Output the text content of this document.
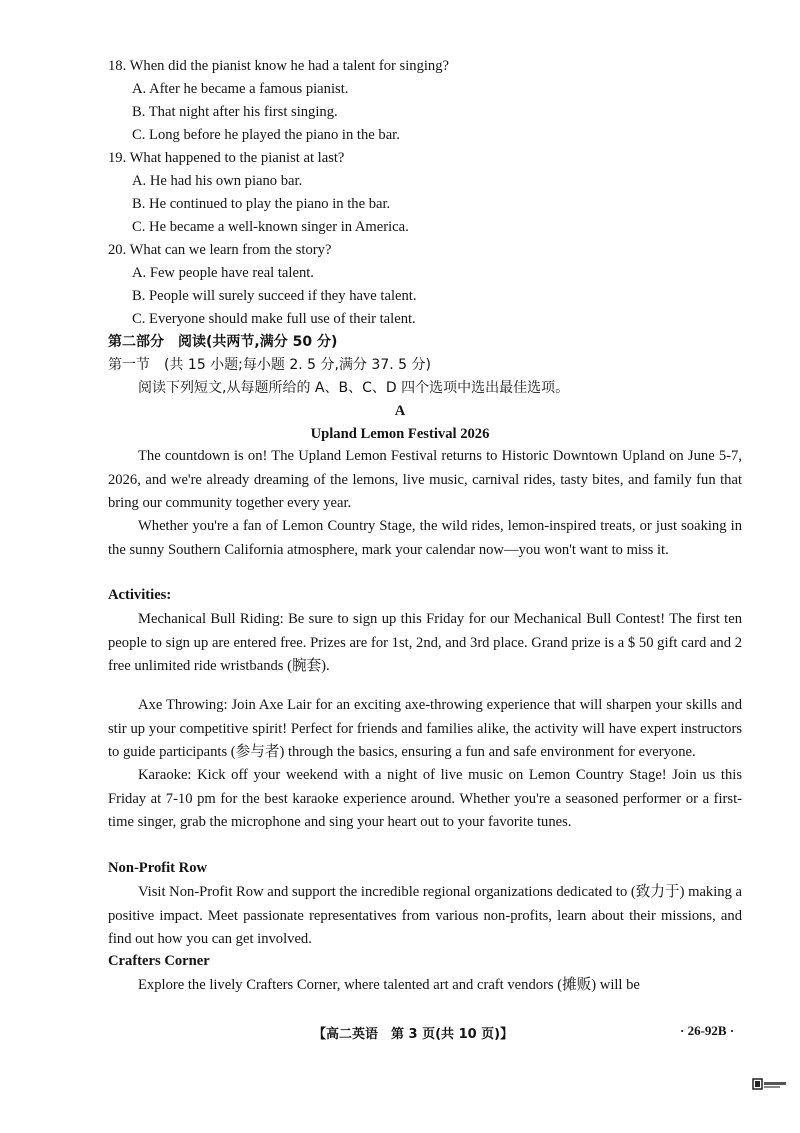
18. When did the pianist know he had a talent for singing?
A. After he became a famous pianist.
B. That night after his first singing.
C. Long before he played the piano in the bar.
19. What happened to the pianist at last?
A. He had his own piano bar.
B. He continued to play the piano in the bar.
C. He became a well-known singer in America.
20. What can we learn from the story?
A. Few people have real talent.
B. People will surely succeed if they have talent.
C. Everyone should make full use of their talent.
第二部分　阅读(共两节,满分 50 分)
第一节　(共 15 小题;每小题 2. 5 分,满分 37. 5 分)
阅读下列短文,从每题所给的 A、B、C、D 四个选项中选出最佳选项。
A
Upland Lemon Festival 2026
The countdown is on! The Upland Lemon Festival returns to Historic Downtown Upland on June 5-7, 2026, and we're already dreaming of the lemons, live music, carnival rides, tasty bites, and family fun that bring our community together every year.
Whether you're a fan of Lemon Country Stage, the wild rides, lemon-inspired treats, or just soaking in the sunny Southern California atmosphere, mark your calendar now—you won't want to miss it.
Activities:
Mechanical Bull Riding: Be sure to sign up this Friday for our Mechanical Bull Contest! The first ten people to sign up are entered free. Prizes are for 1st, 2nd, and 3rd place. Grand prize is a $ 50 gift card and 2 free unlimited ride wristbands (腕套).
Axe Throwing: Join Axe Lair for an exciting axe-throwing experience that will sharpen your skills and stir up your competitive spirit! Perfect for friends and families alike, the activity will have expert instructors to guide participants (参与者) through the basics, ensuring a fun and safe environment for everyone.
Karaoke: Kick off your weekend with a night of live music on Lemon Country Stage! Join us this Friday at 7-10 pm for the best karaoke experience around. Whether you're a seasoned performer or a first-time singer, grab the microphone and sing your heart out to your favorite tunes.
Non-Profit Row
Visit Non-Profit Row and support the incredible regional organizations dedicated to (致力于) making a positive impact. Meet passionate representatives from various non-profits, learn about their missions, and find out how you can get involved.
Crafters Corner
Explore the lively Crafters Corner, where talented art and craft vendors (摊贩) will be
【高二英语　第 3 页(共 10 页)】	· 26-92B ·
